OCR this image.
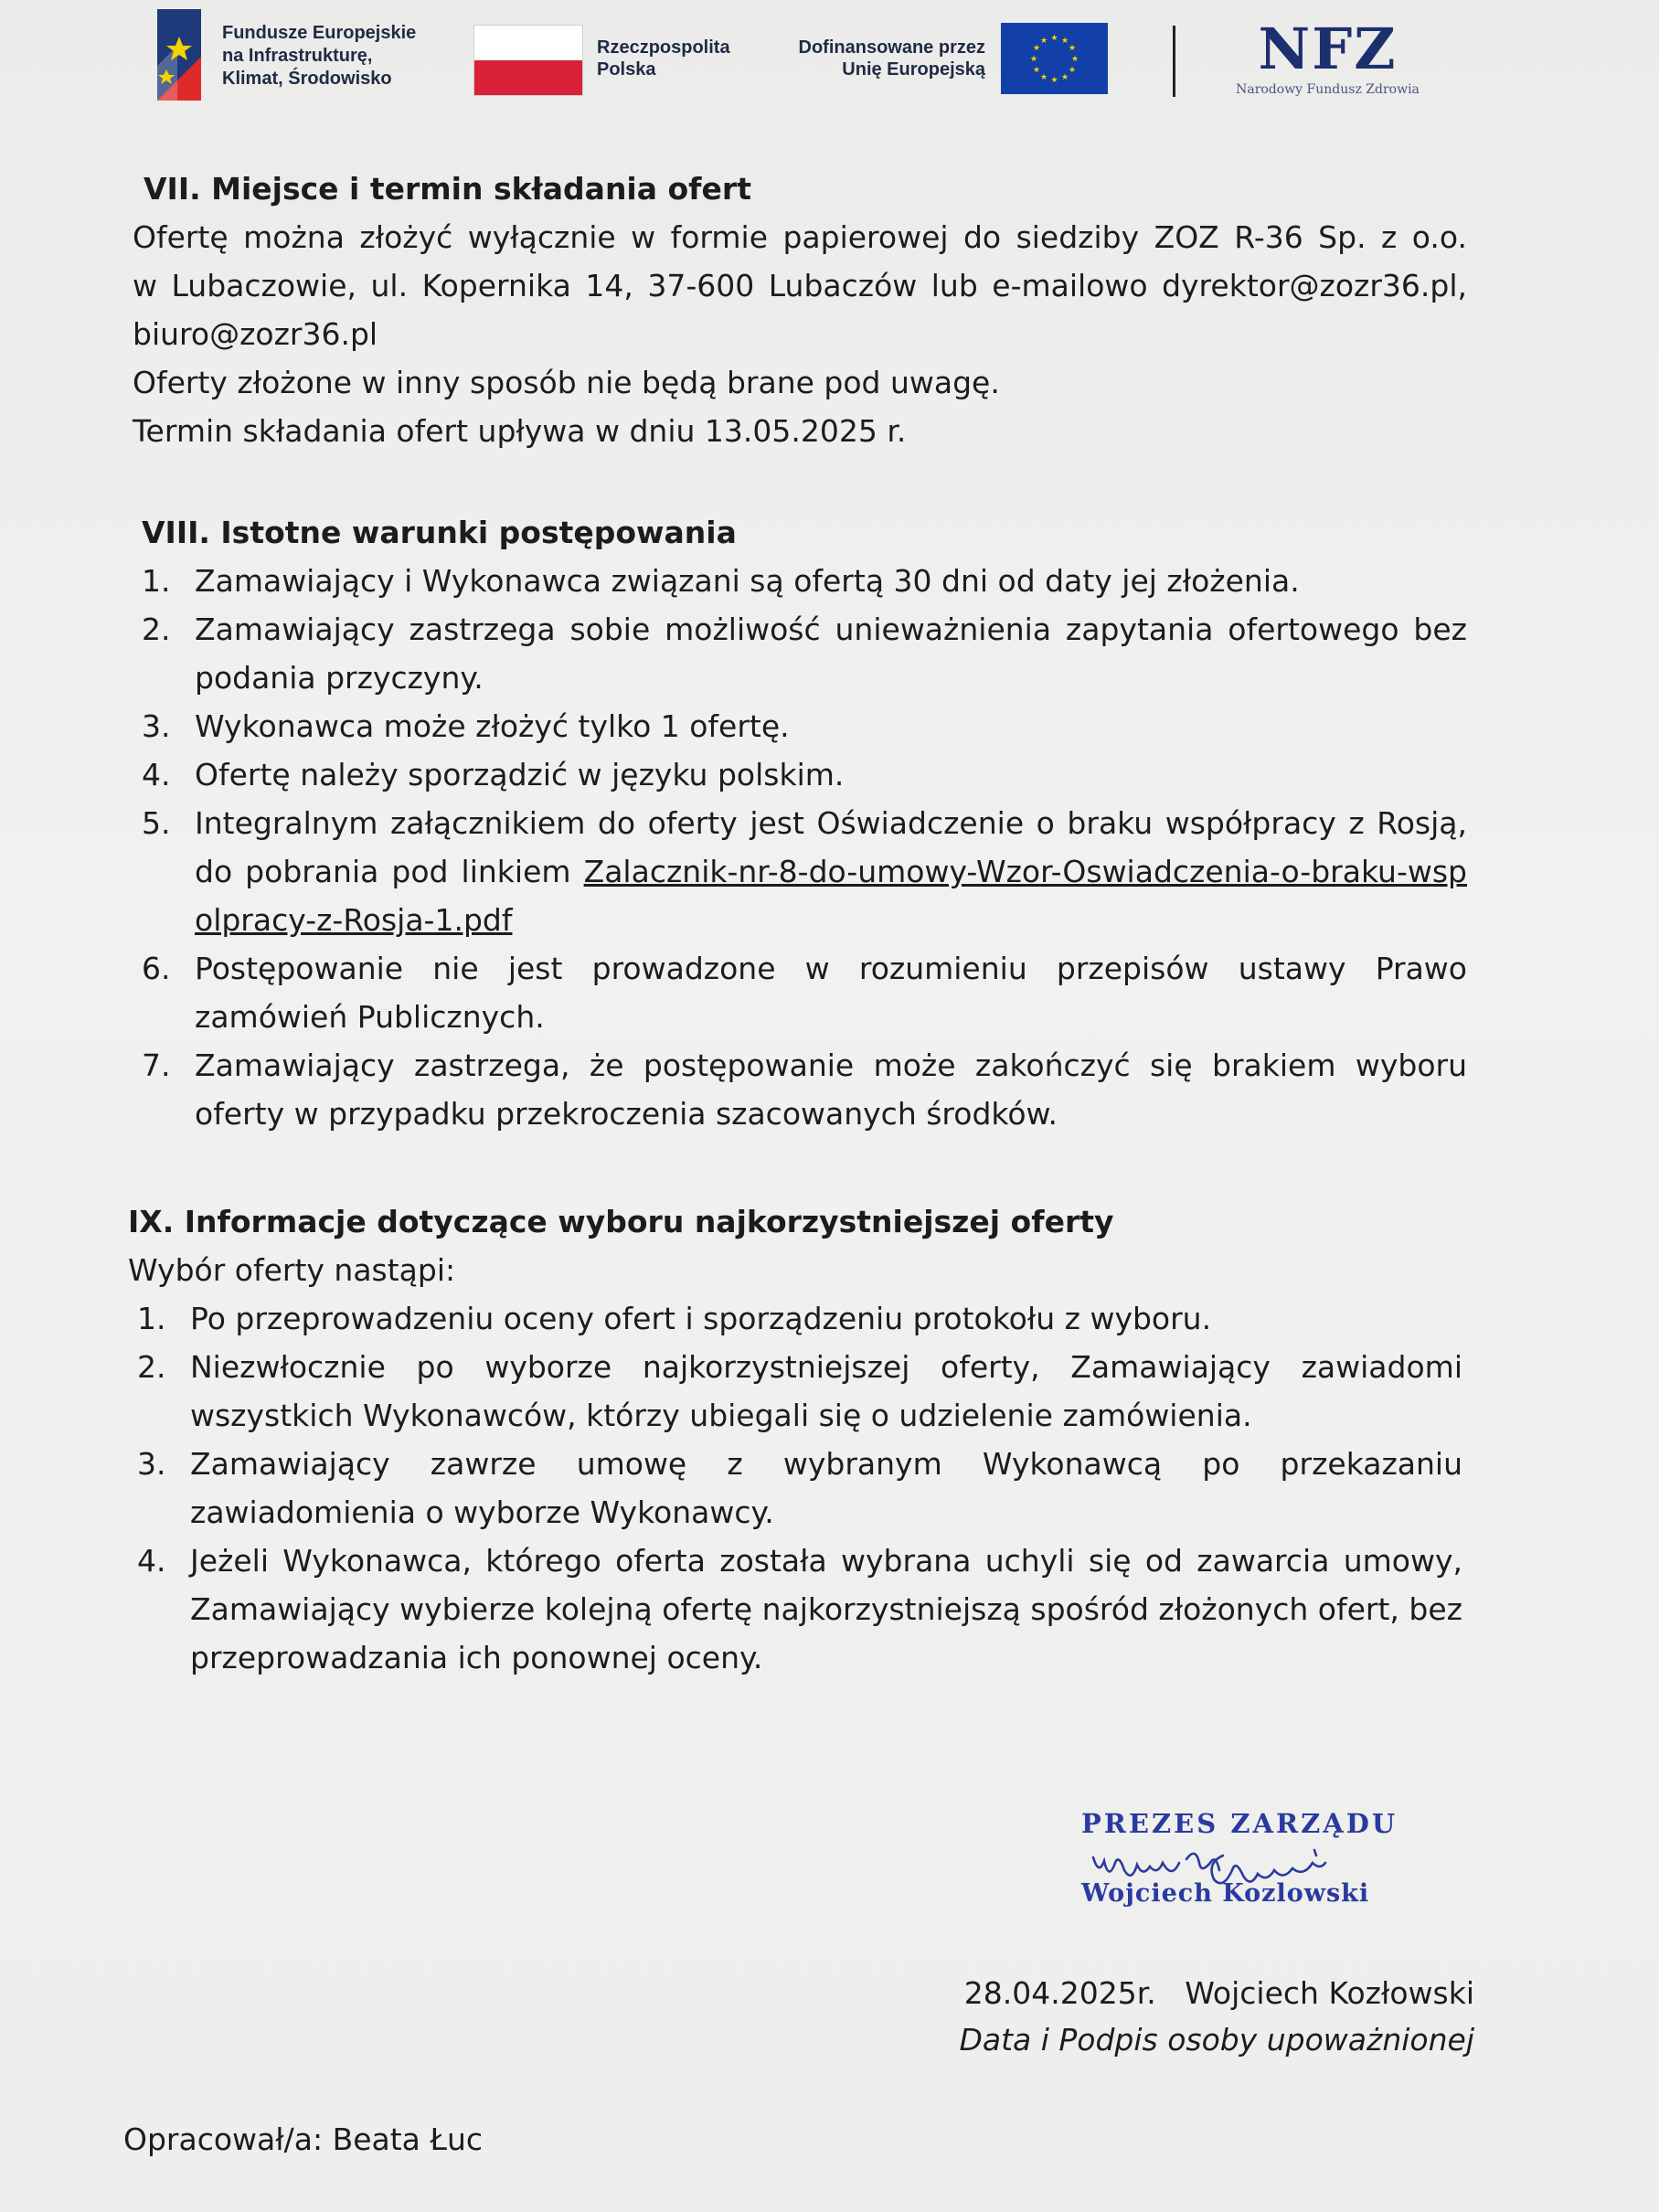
Fundusze Europejskie
na Infrastrukturę,
Klimat, Środowisko
Rzeczpospolita
Polska
Dofinansowane przez
Unię Europejską
★ ★
★
★
★
★
★
★
★
★
★
★	NFZ
Narodowy Fundusz Zdrowia
VII. Miejsce i termin składania ofert
Ofertę można złożyć wyłącznie w formie papierowej do siedziby ZOZ R-36 Sp. z o.o.
w Lubaczowie, ul. Kopernika 14, 37-600 Lubaczów lub e-mailowo dyrektor@zozr36.pl,
biuro@zozr36.pl
Oferty złożone w inny sposób nie będą brane pod uwagę.
Termin składania ofert upływa w dniu 13.05.2025 r.
VIII. Istotne warunki postępowania
1. Zamawiający i Wykonawca związani są ofertą 30 dni od daty jej złożenia.
2. Zamawiający zastrzega sobie możliwość unieważnienia zapytania ofertowego bez podania przyczyny.
3. Wykonawca może złożyć tylko 1 ofertę.
4. Ofertę należy sporządzić w języku polskim.
5. Integralnym załącznikiem do oferty jest Oświadczenie o braku współpracy z Rosją, do pobrania pod linkiem Zalacznik-nr-8-do-umowy-Wzor-Oswiadczenia-o-braku-wspolpracy-z-Rosja-1.pdf
6. Postępowanie nie jest prowadzone w rozumieniu przepisów ustawy Prawo zamówień Publicznych.
7. Zamawiający zastrzega, że postępowanie może zakończyć się brakiem wyboru oferty w przypadku przekroczenia szacowanych środków.
IX. Informacje dotyczące wyboru najkorzystniejszej oferty
Wybór oferty nastąpi:
1. Po przeprowadzeniu oceny ofert i sporządzeniu protokołu z wyboru.
2. Niezwłocznie po wyborze najkorzystniejszej oferty, Zamawiający zawiadomi wszystkich Wykonawców, którzy ubiegali się o udzielenie zamówienia.
3. Zamawiający zawrze umowę z wybranym Wykonawcą po przekazaniu zawiadomienia o wyborze Wykonawcy.
4. Jeżeli Wykonawca, którego oferta została wybrana uchyli się od zawarcia umowy, Zamawiający wybierze kolejną ofertę najkorzystniejszą spośród złożonych ofert, bez przeprowadzania ich ponownej oceny.
PREZES ZARZĄDU
Wojciech Kozlowski
28.04.2025r.   Wojciech Kozłowski
Data i Podpis osoby upoważnionej
Opracował/a: Beata Łuc
